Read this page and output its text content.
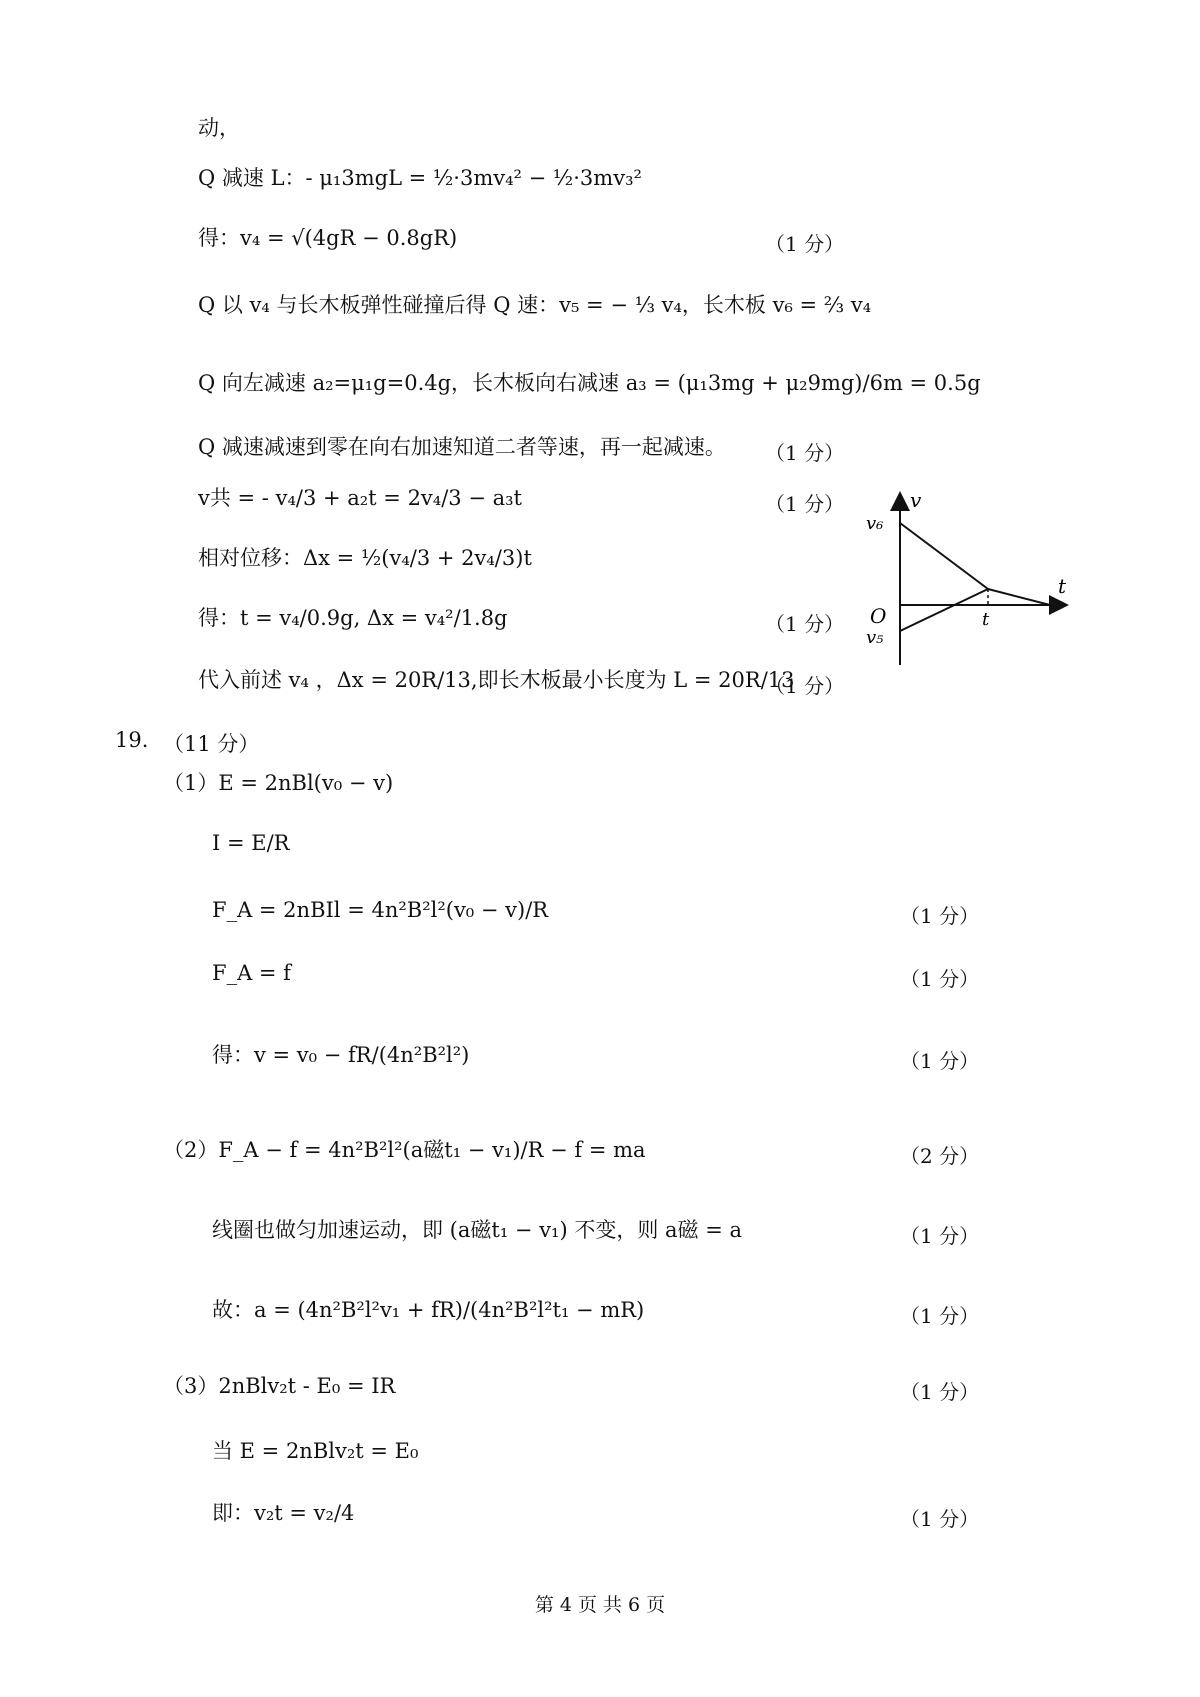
动，
Q 减速 L：- μ₁3mgL = ½·3mv₄² − ½·3mv₃²
得：v₄ = √(4gR − 0.8gR)
Q 以 v₄ 与长木板弹性碰撞后得 Q 速：v₅ = − ⅓ v₄，长木板 v₆ = ⅔ v₄
Q 向左减速 a₂=μ₁g=0.4g，长木板向右减速 a₃ = (μ₁3mg + μ₂9mg)/6m = 0.5g
Q 减速减速到零在向右加速知道二者等速，再一起减速。
v共 = - v₄/3 + a₂t = 2v₄/3 − a₃t
相对位移：Δx = ½(v₄/3 + 2v₄/3)t
得：t = v₄/0.9g, Δx = v₄²/1.8g
代入前述 v₄ ，Δx = 20R/13,即长木板最小长度为 L = 20R/13
19. （11 分）
（1）E = 2nBl(v₀ − v)
I = E/R
F_A = 2nBIl = 4n²B²l²(v₀ − v)/R
F_A = f
得：v = v₀ − fR/(4n²B²l²)
（2）F_A − f = 4n²B²l²(a磁t₁ − v₁)/R − f = ma
线圈也做匀加速运动，即 (a磁t₁ − v₁) 不变，则 a磁 = a
故：a = (4n²B²l²v₁ + fR)/(4n²B²l²t₁ − mR)
（3）2nBlv₂t - E₀ = IR
当 E = 2nBlv₂t = E₀
即：v₂t = v₂/4
（1 分）
（1 分）
（1 分）
（1 分）
（1 分）
（1 分）
（1 分）
（1 分）
（2 分）
（1 分）
（1 分）
（1 分）
（1 分）
v
t
O
v₆
v₅
t
第 4 页 共 6 页
